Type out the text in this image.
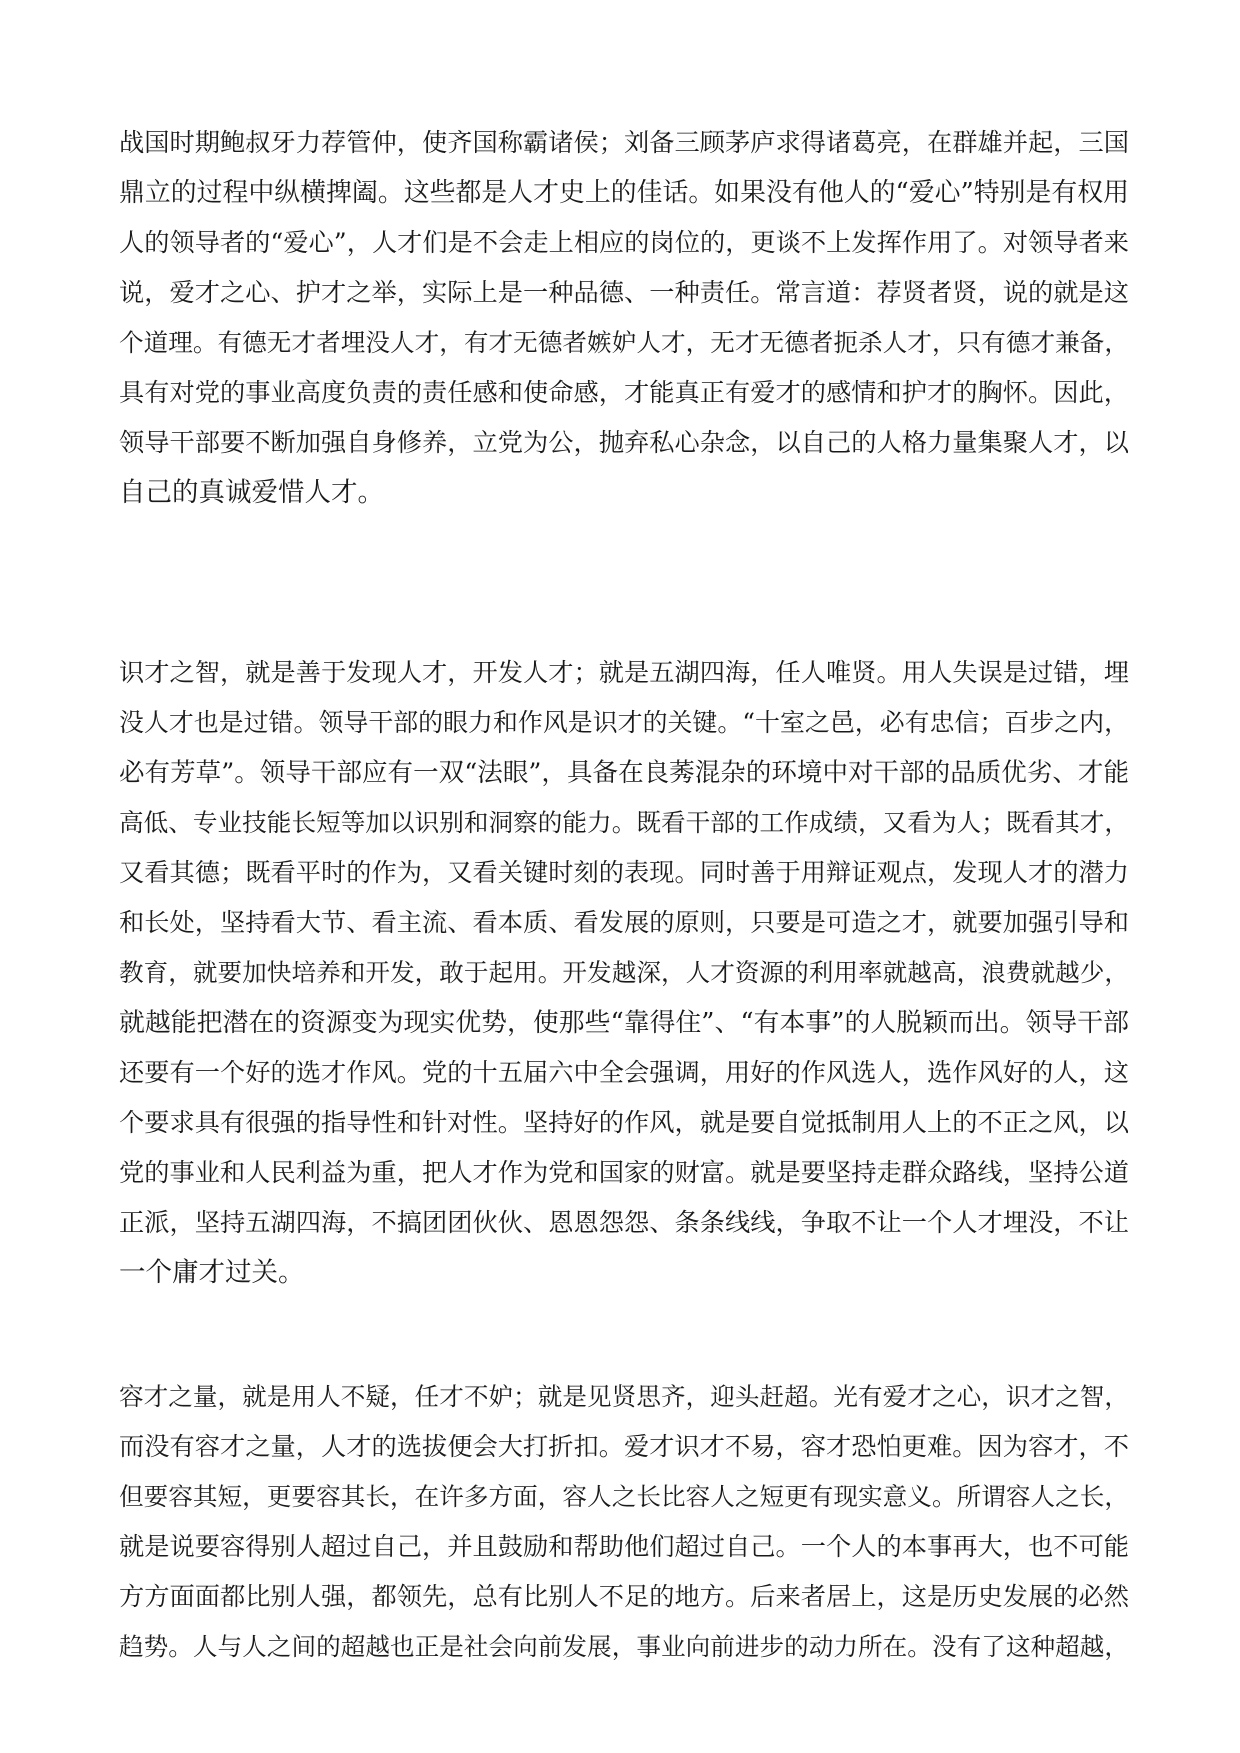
战国时期鲍叔牙力荐管仲，使齐国称霸诸侯；刘备三顾茅庐求得诸葛亮，在群雄并起，三国
鼎立的过程中纵横捭阖。这些都是人才史上的佳话。如果没有他人的“爱心”特别是有权用
人的领导者的“爱心”，人才们是不会走上相应的岗位的，更谈不上发挥作用了。对领导者来
说，爱才之心、护才之举，实际上是一种品德、一种责任。常言道：荐贤者贤，说的就是这
个道理。有德无才者埋没人才，有才无德者嫉妒人才，无才无德者扼杀人才，只有德才兼备，
具有对党的事业高度负责的责任感和使命感，才能真正有爱才的感情和护才的胸怀。因此，
领导干部要不断加强自身修养，立党为公，抛弃私心杂念，以自己的人格力量集聚人才，以
自己的真诚爱惜人才。
识才之智，就是善于发现人才，开发人才；就是五湖四海，任人唯贤。用人失误是过错，埋
没人才也是过错。领导干部的眼力和作风是识才的关键。“十室之邑，必有忠信；百步之内，
必有芳草”。领导干部应有一双“法眼”，具备在良莠混杂的环境中对干部的品质优劣、才能
高低、专业技能长短等加以识别和洞察的能力。既看干部的工作成绩，又看为人；既看其才，
又看其德；既看平时的作为，又看关键时刻的表现。同时善于用辩证观点，发现人才的潜力
和长处，坚持看大节、看主流、看本质、看发展的原则，只要是可造之才，就要加强引导和
教育，就要加快培养和开发，敢于起用。开发越深，人才资源的利用率就越高，浪费就越少，
就越能把潜在的资源变为现实优势，使那些“靠得住”、“有本事”的人脱颖而出。领导干部
还要有一个好的选才作风。党的十五届六中全会强调，用好的作风选人，选作风好的人，这
个要求具有很强的指导性和针对性。坚持好的作风，就是要自觉抵制用人上的不正之风，以
党的事业和人民利益为重，把人才作为党和国家的财富。就是要坚持走群众路线，坚持公道
正派，坚持五湖四海，不搞团团伙伙、恩恩怨怨、条条线线，争取不让一个人才埋没，不让
一个庸才过关。
容才之量，就是用人不疑，任才不妒；就是见贤思齐，迎头赶超。光有爱才之心，识才之智，
而没有容才之量，人才的选拔便会大打折扣。爱才识才不易，容才恐怕更难。因为容才，不
但要容其短，更要容其长，在许多方面，容人之长比容人之短更有现实意义。所谓容人之长，
就是说要容得别人超过自己，并且鼓励和帮助他们超过自己。一个人的本事再大，也不可能
方方面面都比别人强，都领先，总有比别人不足的地方。后来者居上，这是历史发展的必然
趋势。人与人之间的超越也正是社会向前发展，事业向前进步的动力所在。没有了这种超越，
